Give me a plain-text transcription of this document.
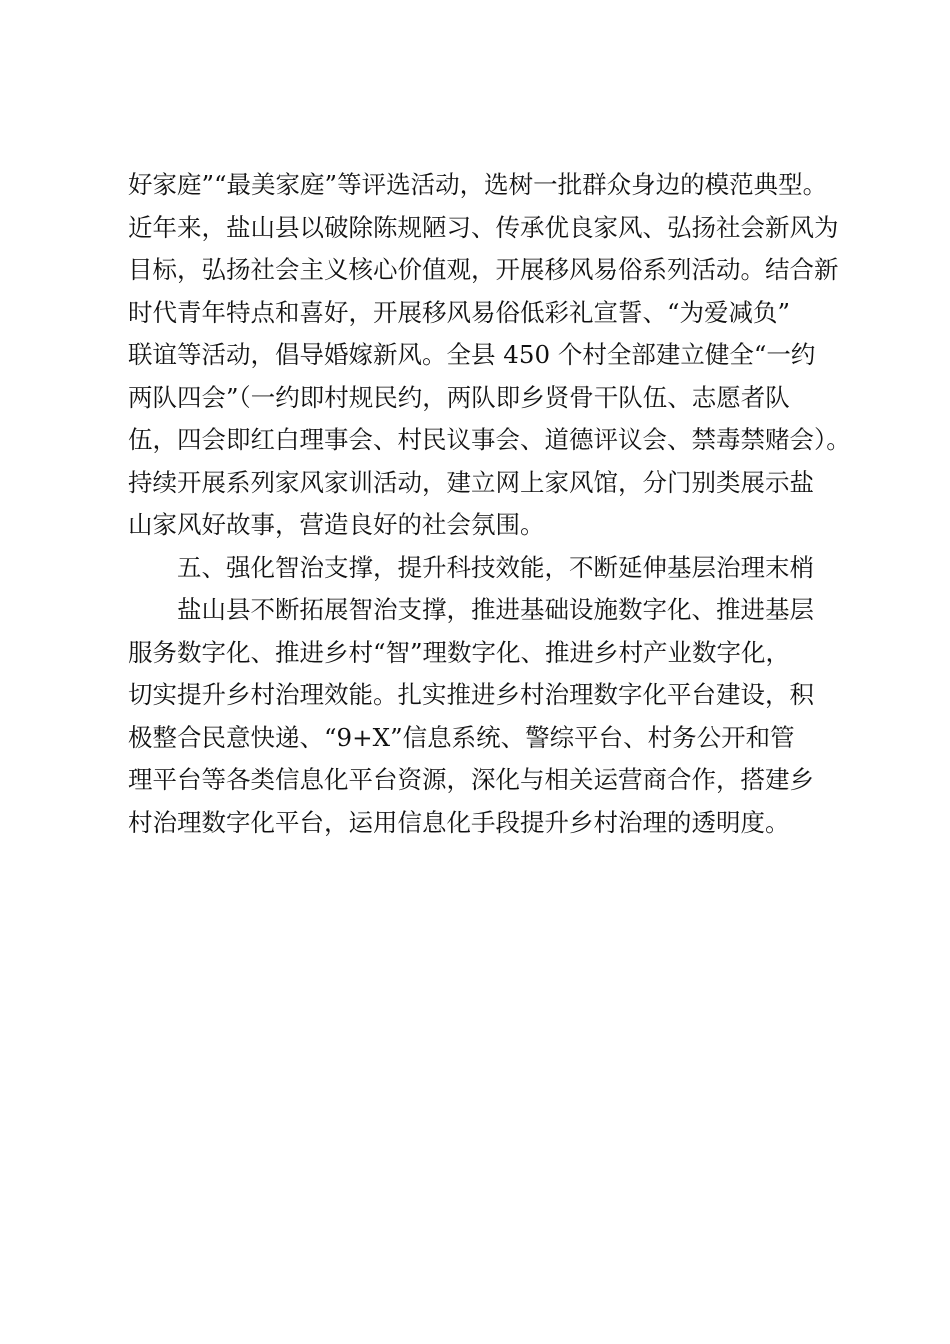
好家庭”“最美家庭”等评选活动，选树一批群众身边的模范典型。
近年来，盐山县以破除陈规陋习、传承优良家风、弘扬社会新风为
目标，弘扬社会主义核心价值观，开展移风易俗系列活动。结合新
时代青年特点和喜好，开展移风易俗低彩礼宣誓、“为爱减负”
联谊等活动，倡导婚嫁新风。全县 450 个村全部建立健全“一约
两队四会”（一约即村规民约，两队即乡贤骨干队伍、志愿者队
伍，四会即红白理事会、村民议事会、道德评议会、禁毒禁赌会）。
持续开展系列家风家训活动，建立网上家风馆，分门别类展示盐
山家风好故事，营造良好的社会氛围。
五、强化智治支撑，提升科技效能，不断延伸基层治理末梢
盐山县不断拓展智治支撑，推进基础设施数字化、推进基层
服务数字化、推进乡村“智”理数字化、推进乡村产业数字化，
切实提升乡村治理效能。扎实推进乡村治理数字化平台建设，积
极整合民意快递、“9+X”信息系统、警综平台、村务公开和管
理平台等各类信息化平台资源，深化与相关运营商合作，搭建乡
村治理数字化平台，运用信息化手段提升乡村治理的透明度。
